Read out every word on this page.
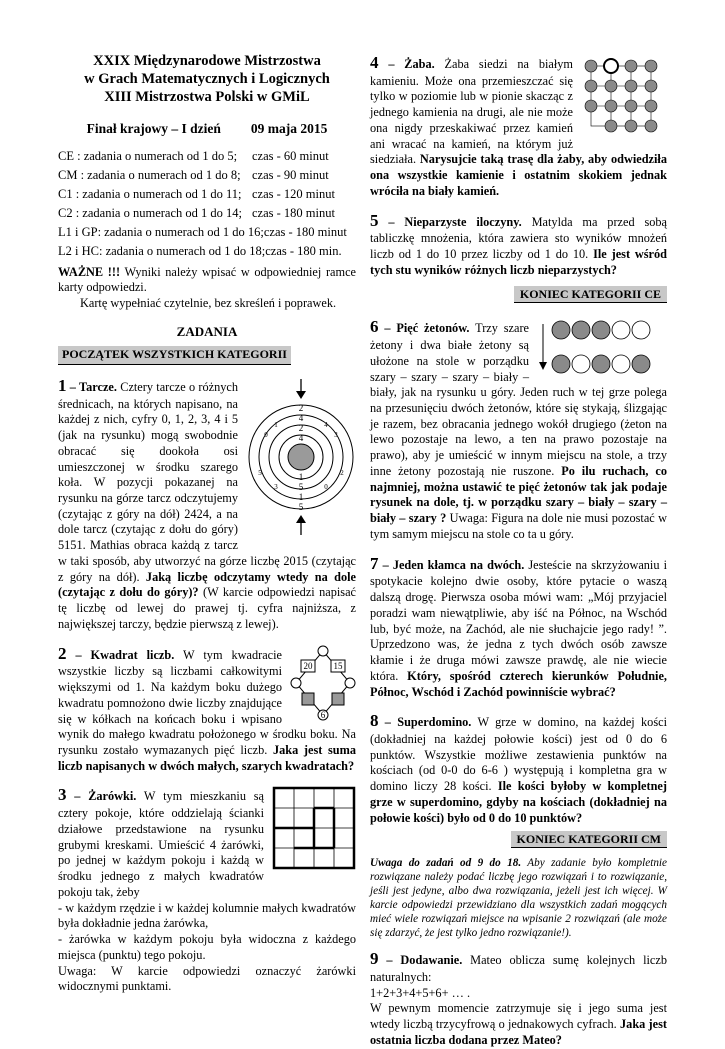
XXIX Międzynarodowe Mistrzostwa
w Grach Matematycznych i Logicznych
XIII Mistrzostwa Polski w GMiL
Finał krajowy – I dzień 09 maja 2015
CE : zadania o numerach od 1 do 5;	czas - 60 minut
CM : zadania o numerach od 1 do 8; czas - 90 minut
C1 : zadania o numerach od 1 do 11; czas - 120 minut
C2 : zadania o numerach od 1 do 14; czas - 180 minut
L1 i GP: zadania o numerach od 1 do 16; czas - 180 minut
L2 i HC: zadania o numerach od 1 do 18; czas - 180 min.

WAŻNE !!! Wyniki należy wpisać w odpowiedniej ramce karty odpowiedzi.

Kartę wypełniać czytelnie, bez skreśleń i poprawek.

ZADANIA
POCZĄTEK WSZYSTKICH KATEGORII
2
4
2
4
1
5
1
5
0	3
5	2
1	4
3	0

1 – Tarcze. Cztery tarcze o różnych średnicach, na których napisano, na każdej z nich, cyfry 0, 1, 2, 3, 4 i 5 (jak na rysunku) mogą swobodnie obracać się dookoła osi umieszczonej w środku szarego koła. W pozycji pokazanej na rysunku na górze tarcz odczytujemy (czytając z góry na dół) 2424, a na dole tarcz (czytając z dołu do góry) 5151. Mathias obraca każdą z tarcz w taki sposób, aby utworzyć na górze liczbę 2015 (czytając z góry na dół). Jaką liczbę odczytamy wtedy na dole (czytając z dołu do góry)? (W karcie odpowiedzi napisać tę liczbę od lewej do prawej tj. cyfra najniższa, z największej tarczy, będzie pierwszą z lewej).

20 15
6

2 – Kwadrat liczb. W tym kwadracie wszystkie liczby są liczbami całkowitymi większymi od 1. Na każdym boku dużego kwadratu pomnożono dwie liczby znajdujące się w kółkach na końcach boku i wpisano wynik do małego kwadratu położonego w środku boku. Na rysunku zostało wymazanych pięć liczb. Jaka jest suma liczb napisanych w dwóch małych, szarych kwadratach?

3 – Żarówki. W tym mieszkaniu są cztery pokoje, które oddzielają ścianki działowe przedstawione na rysunku grubymi kreskami. Umieścić 4 żarówki, po jednej w każdym pokoju i każdą w środku jednego z małych kwadratów pokoju tak, żeby

- w każdym rzędzie i w każdej kolumnie małych kwadratów była dokładnie jedna żarówka,

- żarówka w każdym pokoju była widoczna z każdego miejsca (punktu) tego pokoju.

Uwaga: W karcie odpowiedzi oznaczyć żarówki widocznymi punktami.

4 – Żaba. Żaba siedzi na białym kamieniu. Może ona przemieszczać się tylko w poziomie lub w pionie skacząc z jednego kamienia na drugi, ale nie może ona nigdy przeskakiwać przez kamień ani wracać na kamień, na którym już siedziała. Narysujcie taką trasę dla żaby, aby odwiedziła ona wszystkie kamienie i ostatnim skokiem jednak wróciła na biały kamień.

5 – Nieparzyste iloczyny. Matylda ma przed sobą tabliczkę mnożenia, która zawiera sto wyników mnożeń liczb od 1 do 10 przez liczby od 1 do 10. Ile jest wśród tych stu wyników różnych liczb nieparzystych?

KONIEC KATEGORII CE

6 – Pięć żetonów. Trzy szare żetony i dwa białe żetony są ułożone na stole w porządku szary – szary – szary – biały – biały, jak na rysunku u góry. Jeden ruch w tej grze polega na przesunięciu dwóch żetonów, które się stykają, ślizgając je razem, bez obracania jednego wokół drugiego (żeton na lewo pozostaje na lewo, a ten na prawo pozostaje na prawo), aby je umieścić w innym miejscu na stole, a trzy inne żetony pozostają nie ruszone. Po ilu ruchach, co najmniej, można ustawić te pięć żetonów tak jak podaje rysunek na dole, tj. w porządku szary – biały – szary – biały – szary ? Uwaga: Figura na dole nie musi pozostać w tym samym miejscu na stole co ta u góry.

7 – Jeden kłamca na dwóch. Jesteście na skrzyżowaniu i spotykacie kolejno dwie osoby, które pytacie o waszą dalszą drogę. Pierwsza osoba mówi wam: „Mój przyjaciel poradzi wam niewątpliwie, aby iść na Północ, na Wschód lub, być może, na Zachód, ale nie słuchajcie jego rady! ”. Uprzedzono was, że jedna z tych dwóch osób zawsze kłamie i że druga mówi zawsze prawdę, ale nie wiecie która. Który, spośród czterech kierunków Południe, Północ, Wschód i Zachód powinniście wybrać?

8 – Superdomino. W grze w domino, na każdej kości (dokładniej na każdej połowie kości) jest od 0 do 6 punktów. Wszystkie możliwe zestawienia punktów na kościach (od 0-0 do 6-6 ) występują i kompletna gra w domino liczy 28 kości. Ile kości byłoby w kompletnej grze w superdomino, gdyby na kościach (dokładniej na połowie kości) było od 0 do 10 punktów?

KONIEC KATEGORII CM

Uwaga do zadań od 9 do 18. Aby zadanie było kompletnie rozwiązane należy podać liczbę jego rozwiązań i to rozwiązanie, jeśli jest jedyne, albo dwa rozwiązania, jeżeli jest ich więcej. W karcie odpowiedzi przewidziano dla wszystkich zadań mogących mieć wiele rozwiązań miejsce na wpisanie 2 rozwiązań (ale może się zdarzyć, że jest tylko jedno rozwiązanie!).

9 – Dodawanie. Mateo oblicza sumę kolejnych liczb naturalnych:

1+2+3+4+5+6+ … .

W pewnym momencie zatrzymuje się i jego suma jest wtedy liczbą trzycyfrową o jednakowych cyfrach. Jaka jest ostatnia liczba dodana przez Mateo?
